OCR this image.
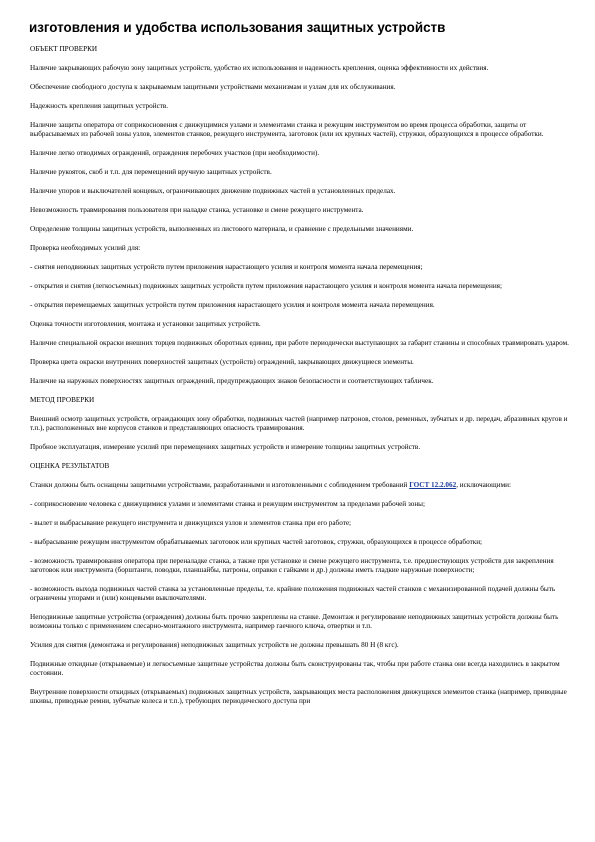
изготовления и удобства использования защитных устройств
ОБЪЕКТ ПРОВЕРКИ
Наличие закрывающих рабочую зону защитных устройств, удобство их использования и надежность крепления, оценка эффективности их действия.
Обеспечение свободного доступа к закрываемым защитными устройствами механизмам и узлам для их обслуживания.
Надежность крепления защитных устройств.
Наличие защиты оператора от соприкосновения с движущимися узлами и элементами станка и режущим инструментом во время процесса обработки, защиты от выбрасываемых из рабочей зоны узлов, элементов станков, режущего инструмента, заготовок (или их крупных частей), стружки, образующихся в процессе обработки.
Наличие легко отводимых ограждений, ограждения перебочих участков (при необходимости).
Наличие рукояток, скоб и т.п. для перемещений вручную защитных устройств.
Наличие упоров и выключателей концевых, ограничивающих движение подвижных частей в установленных пределах.
Невозможность травмирования пользователя при наладке станка, установке и смене режущего инструмента.
Определение толщины защитных устройств, выполненных из листового материала, и сравнение с предельными значениями.
Проверка необходимых усилий для:
- снятия неподвижных защитных устройств путем приложения нарастающего усилия и контроля момента начала перемещения;
- открытия и снятия (легкосъемных) подвижных защитных устройств путем приложения нарастающего усилия и контроля момента начала перемещения;
- открытия перемещаемых защитных устройств путем приложения нарастающего усилия и контроля момента начала перемещения.
Оценка точности изготовления, монтажа и установки защитных устройств.
Наличие специальной окраски внешних торцев подвижных оборотных единиц, при работе периодически выступающих за габарит станины и способных травмировать ударом.
Проверка цвета окраски внутренних поверхностей защитных (устройств) ограждений, закрывающих движущиеся элементы.
Наличие на наружных поверхностях защитных ограждений, предупреждающих знаков безопасности и соответствующих табличек.
МЕТОД ПРОВЕРКИ
Внешний осмотр защитных устройств, ограждающих зону обработки, подвижных частей (например патронов, столов, ременных, зубчатых и др. передач, абразивных кругов и т.п.), расположенных вне корпусов станков и представляющих опасность травмирования.
Пробное эксплуатация, измерение усилий при перемещениях защитных устройств и измерение толщины защитных устройств.
ОЦЕНКА РЕЗУЛЬТАТОВ
Станки должны быть оснащены защитными устройствами, разработанными и изготовленными с соблюдением требований ГОСТ 12.2.062, исключающими:
- соприкосновение человека с движущимися узлами и элементами станка и режущим инструментом за пределами рабочей зоны;
- вылет и выбрасывание режущего инструмента и движущихся узлов и элементов станка при его работе;
- выбрасывание режущим инструментом обрабатываемых заготовок или крупных частей заготовок, стружки, образующихся в процессе обработки;
- возможность травмирования оператора при переналадке станка, а также при установке и смене режущего инструмента, т.е. предшествующих устройств для закрепления заготовок или инструмента (борштанги, поводки, планшайбы, патроны, оправки с гайками и др.) должны иметь гладкие наружные поверхности;
- возможность выхода подвижных частей станка за установленные пределы, т.е. крайние положения подвижных частей станков с механизированной подачей должны быть ограничены упорами и (или) концевыми выключателями.
Неподвижные защитные устройства (ограждения) должны быть прочно закреплены на станке. Демонтаж и регулирование неподвижных защитных устройств должны быть возможны только с применением слесарно-монтажного инструмента, например гаечного ключа, отвертки и т.п.
Усилия для снятия (демонтажа и регулирования) неподвижных защитных устройств не должны превышать 80 Н (8 кгс).
Подвижные откидные (открываемые) и легкосъемные защитные устройства должны быть сконструированы так, чтобы при работе станка они всегда находились в закрытом состоянии.
Внутренние поверхности откидных (открываемых) подвижных защитных устройств, закрывающих места расположения движущихся элементов станка (например, приводные шкивы, приводные ремни, зубчатые колеса и т.п.), требующих периодического доступа при
